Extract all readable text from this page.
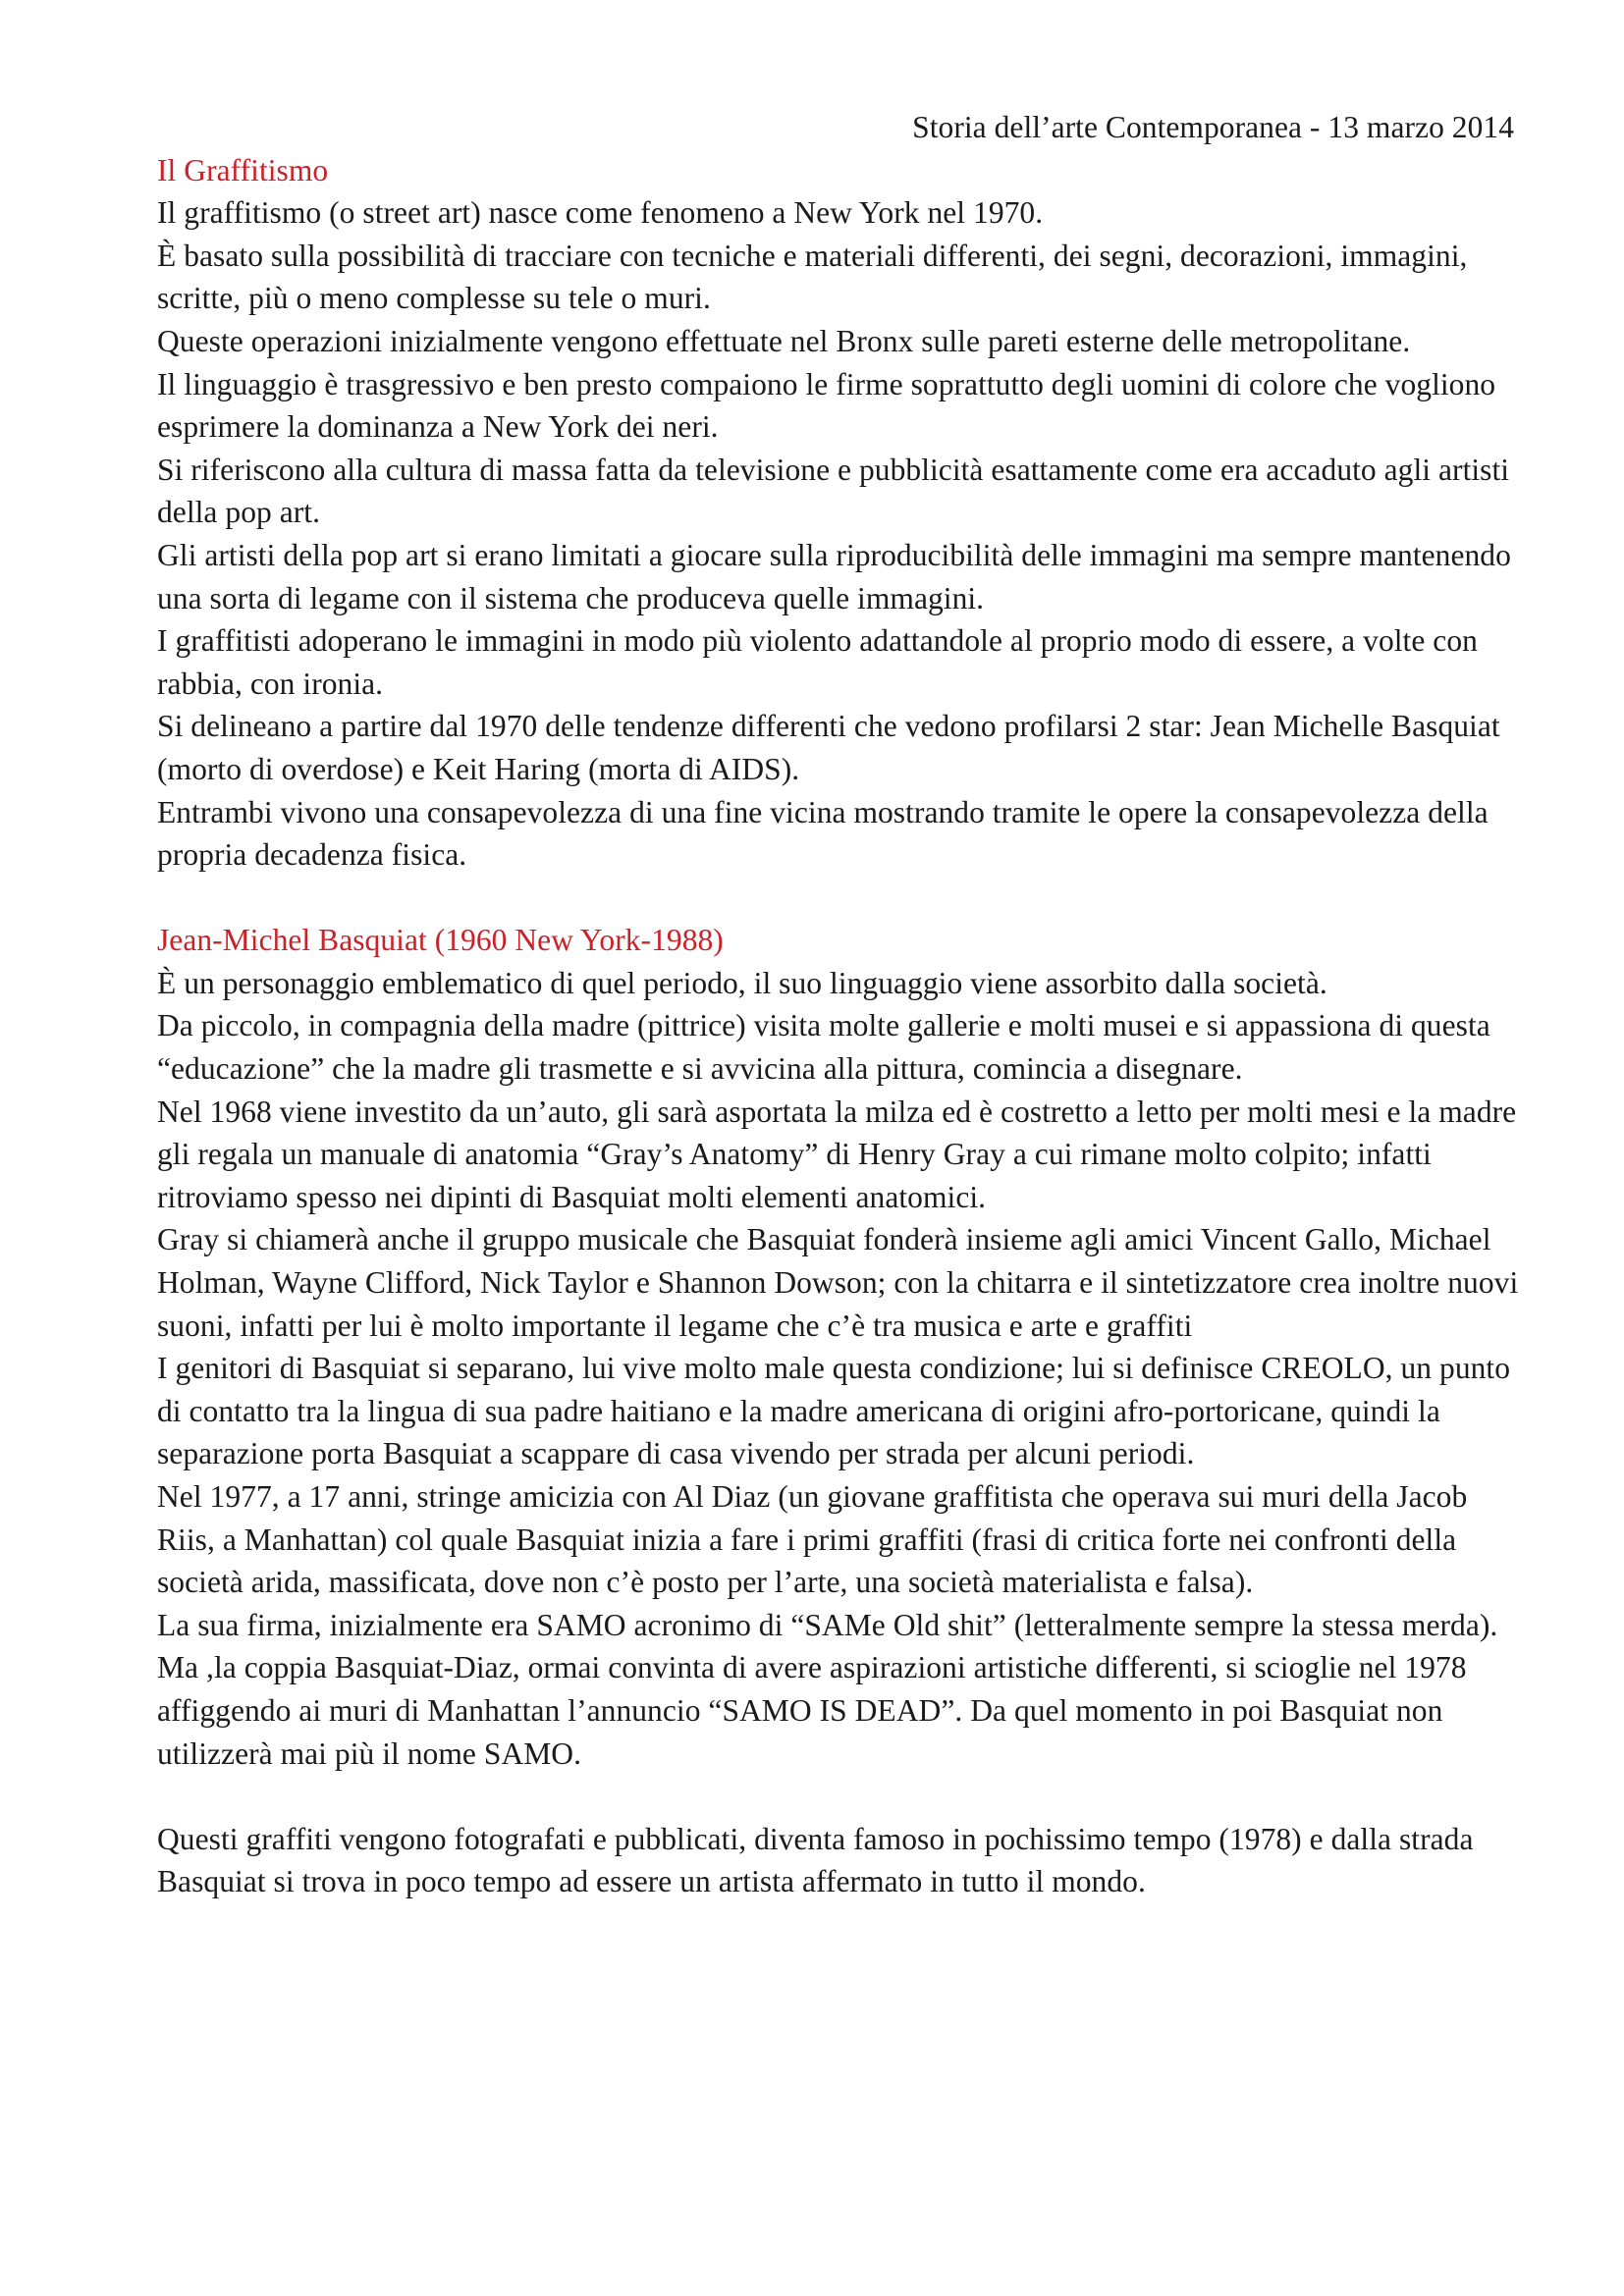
Storia dell’arte Contemporanea - 13 marzo 2014

Il Graffitismo

Il graffitismo (o street art) nasce come fenomeno a New York nel 1970.

È basato sulla possibilità di tracciare con tecniche e materiali differenti, dei segni, decorazioni, immagini, scritte, più o meno complesse su tele o muri.

Queste operazioni inizialmente vengono effettuate nel Bronx sulle pareti esterne delle metropolitane.

Il linguaggio è trasgressivo e ben presto compaiono le firme soprattutto degli uomini di colore che vogliono esprimere la dominanza a New York dei neri.

Si riferiscono alla cultura di massa fatta da televisione e pubblicità esattamente come era accaduto agli artisti della pop art.

Gli artisti della pop art si erano limitati a giocare sulla riproducibilità delle immagini ma sempre mantenendo una sorta di legame con il sistema che produceva quelle immagini.

I graffitisti adoperano le immagini in modo più violento adattandole al proprio modo di essere, a volte con rabbia, con ironia.

Si delineano a partire dal 1970 delle tendenze differenti che vedono profilarsi 2 star: Jean Michelle Basquiat (morto di overdose) e Keit Haring (morta di AIDS).

Entrambi vivono una consapevolezza di una fine vicina mostrando tramite le opere la consapevolezza della propria decadenza fisica.

Jean-Michel Basquiat (1960 New York-1988)

È un personaggio emblematico di quel periodo, il suo linguaggio viene assorbito dalla società.

Da piccolo, in compagnia della madre (pittrice) visita molte gallerie e molti musei e si appassiona di questa “educazione” che la madre gli trasmette e si avvicina alla pittura, comincia a disegnare.

Nel 1968 viene investito da un’auto, gli sarà asportata la milza ed è costretto a letto per molti mesi e la madre gli regala un manuale di anatomia “Gray’s Anatomy” di Henry Gray a cui rimane molto colpito; infatti ritroviamo spesso nei dipinti di Basquiat molti elementi anatomici.

Gray si chiamerà anche il gruppo musicale che Basquiat fonderà insieme agli amici Vincent Gallo, Michael Holman, Wayne Clifford, Nick Taylor e Shannon Dowson; con la chitarra e il sintetizzatore crea inoltre nuovi suoni, infatti per lui è molto importante il legame che c’è tra musica e arte e graffiti

I genitori di Basquiat si separano, lui vive molto male questa condizione; lui si definisce CREOLO, un punto di contatto tra la lingua di sua padre haitiano e la madre americana di origini afro-portoricane, quindi la separazione porta Basquiat a scappare di casa vivendo per strada per alcuni periodi.

Nel 1977, a 17 anni, stringe amicizia con Al Diaz (un giovane graffitista che operava sui muri della Jacob Riis, a Manhattan) col quale Basquiat inizia a fare i primi graffiti (frasi di critica forte nei confronti della società arida, massificata, dove non c’è posto per l’arte, una società materialista e falsa).

La sua firma, inizialmente era SAMO acronimo di “SAMe Old shit” (letteralmente sempre la stessa merda).

Ma ,la coppia Basquiat-Diaz, ormai convinta di avere aspirazioni artistiche differenti, si scioglie nel 1978 affiggendo ai muri di Manhattan l’annuncio “SAMO IS DEAD”. Da quel momento in poi Basquiat non utilizzerà mai più il nome SAMO.

Questi graffiti vengono fotografati e pubblicati, diventa famoso in pochissimo tempo (1978) e dalla strada Basquiat si trova in poco tempo ad essere un artista affermato in tutto il mondo.
